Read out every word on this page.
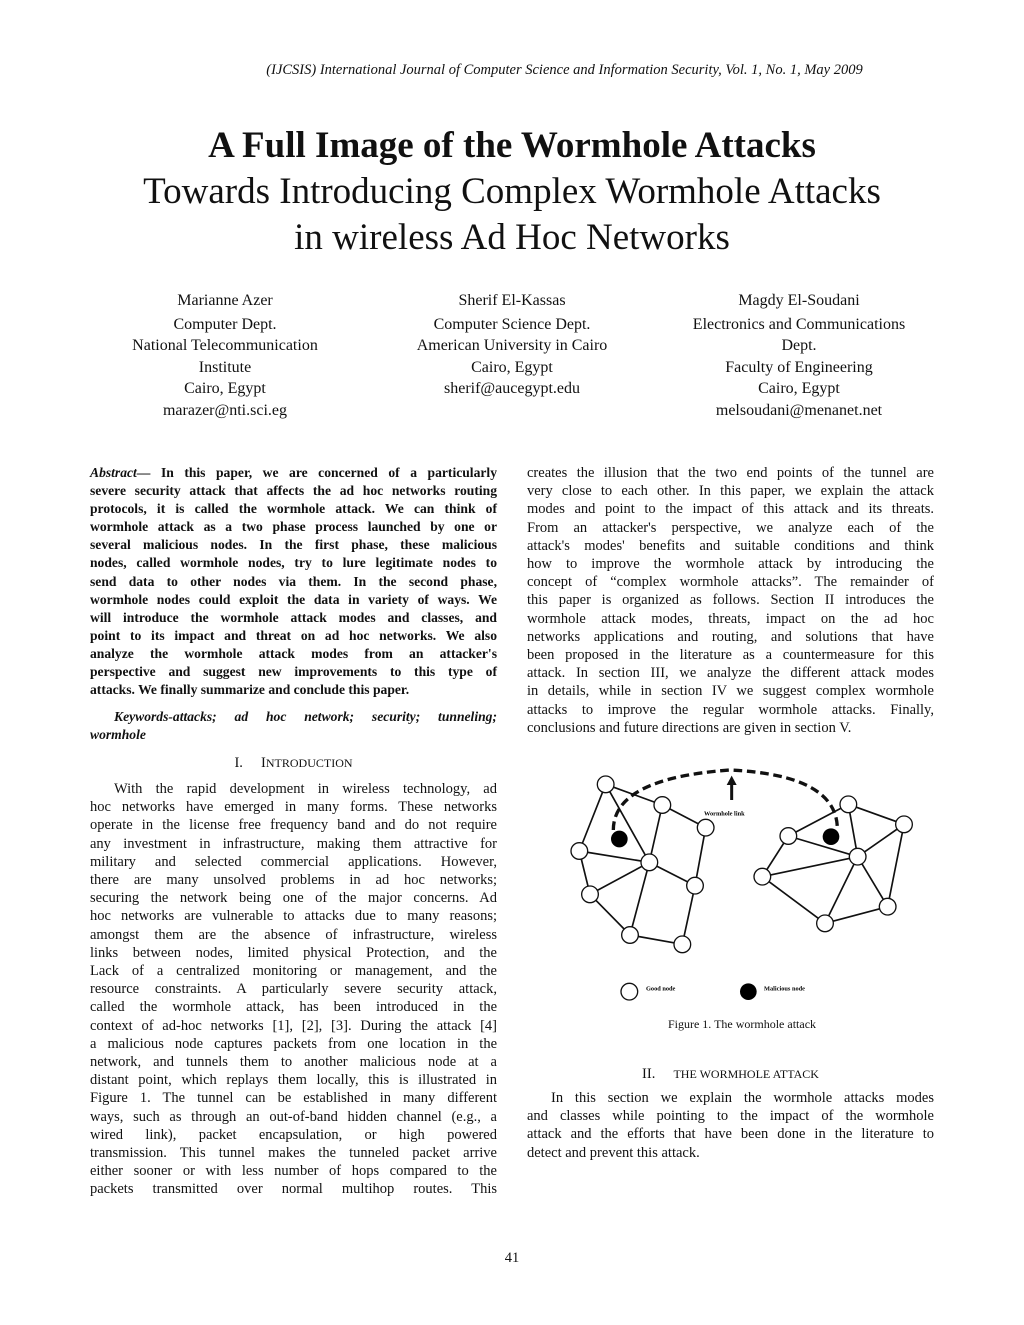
(IJCSIS) International Journal of Computer Science and Information Security, Vol. 1, No. 1, May 2009
A Full Image of the Wormhole Attacks
Towards Introducing Complex Wormhole Attacks
in wireless Ad Hoc Networks
Marianne Azer
Computer Dept.
National Telecommunication
Institute
Cairo, Egypt
marazer@nti.sci.eg
Sherif El-Kassas
Computer Science Dept.
American University in Cairo
Cairo, Egypt
sherif@aucegypt.edu
Magdy El-Soudani
Electronics and Communications
Dept.
Faculty of Engineering
Cairo, Egypt
melsoudani@menanet.net
Abstract— In this paper, we are concerned of a particularly
severe security attack that affects the ad hoc networks routing
protocols, it is called the wormhole attack. We can think of
wormhole attack as a two phase process launched by one or
several malicious nodes. In the first phase, these malicious
nodes, called wormhole nodes, try to lure legitimate nodes to
send data to other nodes via them. In the second phase,
wormhole nodes could exploit the data in variety of ways. We
will introduce the wormhole attack modes and classes, and
point to its impact and threat on ad hoc networks. We also
analyze the wormhole attack modes from an attacker's
perspective and suggest new improvements to this type of
attacks. We finally summarize and conclude this paper.
Keywords-attacks; ad hoc network; security; tunneling;
wormhole
I. INTRODUCTION
With the rapid development in wireless technology, ad
hoc networks have emerged in many forms. These networks
operate in the license free frequency band and do not require
any investment in infrastructure, making them attractive for
military and selected commercial applications. However,
there are many unsolved problems in ad hoc networks;
securing the network being one of the major concerns. Ad
hoc networks are vulnerable to attacks due to many reasons;
amongst them are the absence of infrastructure, wireless
links between nodes, limited physical Protection, and the
Lack of a centralized monitoring or management, and the
resource constraints. A particularly severe security attack,
called the wormhole attack, has been introduced in the
context of ad-hoc networks [1], [2], [3]. During the attack [4]
a malicious node captures packets from one location in the
network, and tunnels them to another malicious node at a
distant point, which replays them locally, this is illustrated in
Figure 1. The tunnel can be established in many different
ways, such as through an out-of-band hidden channel (e.g., a
wired link), packet encapsulation, or high powered
transmission. This tunnel makes the tunneled packet arrive
either sooner or with less number of hops compared to the
packets transmitted over normal multihop routes. This
creates the illusion that the two end points of the tunnel are
very close to each other. In this paper, we explain the attack
modes and point to the impact of this attack and its threats.
From an attacker's perspective, we analyze each of the
attack's modes' benefits and suitable conditions and think
how to improve the wormhole attack by introducing the
concept of “complex wormhole attacks”. The remainder of
this paper is organized as follows. Section II introduces the
wormhole attack modes, threats, impact on the ad hoc
networks applications and routing, and solutions that have
been proposed in the literature as a countermeasure for this
attack. In section III, we analyze the different attack modes
in details, while in section IV we suggest complex wormhole
attacks to improve the regular wormhole attacks. Finally,
conclusions and future directions are given in section V.
Wormhole link
Good node	Malicious node
Figure 1. The wormhole attack
II. THE WORMHOLE ATTACK
In this section we explain the wormhole attacks modes
and classes while pointing to the impact of the wormhole
attack and the efforts that have been done in the literature to
detect and prevent this attack.
41
